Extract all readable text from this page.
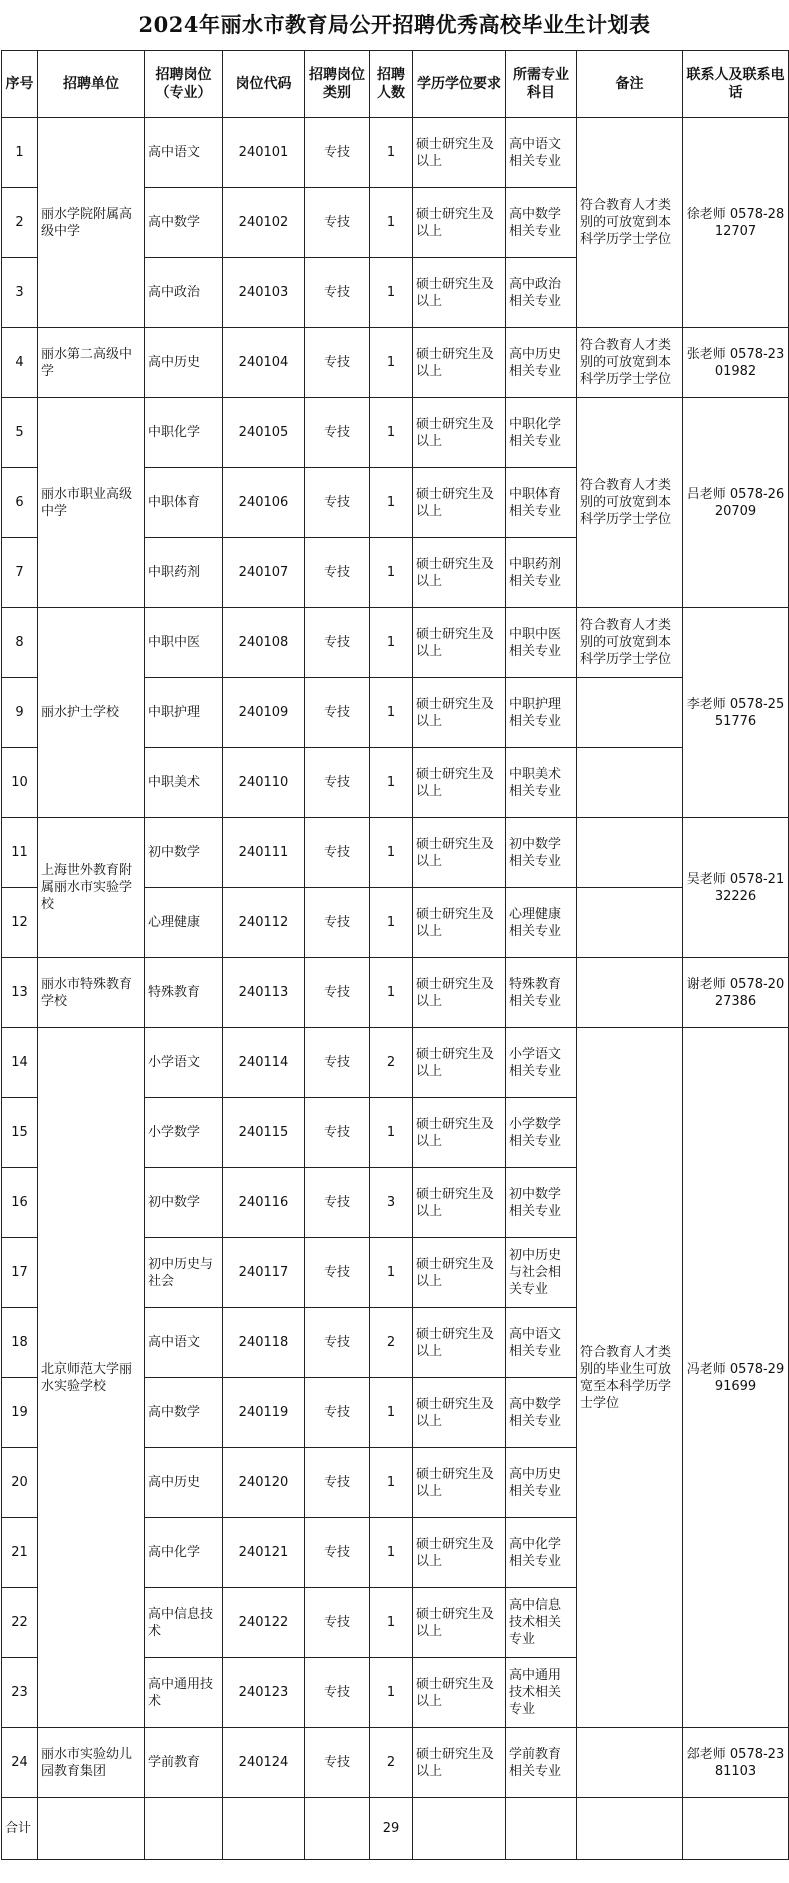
2024年丽水市教育局公开招聘优秀高校毕业生计划表
序号	招聘单位	招聘岗位（专业）	岗位代码	招聘岗位类别	招聘人数	学历学位要求	所需专业科目	备注	联系人及联系电话
1	丽水学院附属高级中学	高中语文	240101	专技	1	硕士研究生及以上	高中语文相关专业	符合教育人才类别的可放宽到本科学历学士学位	徐老师 0578-2812707
2		高中数学	240102	专技	1	硕士研究生及以上	高中数学相关专业		
3		高中政治	240103	专技	1	硕士研究生及以上	高中政治相关专业		
4	丽水第二高级中学	高中历史	240104	专技	1	硕士研究生及以上	高中历史相关专业	符合教育人才类别的可放宽到本科学历学士学位	张老师 0578-2301982
5	丽水市职业高级中学	中职化学	240105	专技	1	硕士研究生及以上	中职化学相关专业	符合教育人才类别的可放宽到本科学历学士学位	吕老师 0578-2620709
6		中职体育	240106	专技	1	硕士研究生及以上	中职体育相关专业		
7		中职药剂	240107	专技	1	硕士研究生及以上	中职药剂相关专业		
8	丽水护士学校	中职中医	240108	专技	1	硕士研究生及以上	中职中医相关专业	符合教育人才类别的可放宽到本科学历学士学位	李老师 0578-2551776
9		中职护理	240109	专技	1	硕士研究生及以上	中职护理相关专业		
10		中职美术	240110	专技	1	硕士研究生及以上	中职美术相关专业		
11	上海世外教育附属丽水市实验学校	初中数学	240111	专技	1	硕士研究生及以上	初中数学相关专业		吴老师 0578-2132226
12		心理健康	240112	专技	1	硕士研究生及以上	心理健康相关专业		
13	丽水市特殊教育学校	特殊教育	240113	专技	1	硕士研究生及以上	特殊教育相关专业		谢老师 0578-2027386
14	北京师范大学丽水实验学校	小学语文	240114	专技	2	硕士研究生及以上	小学语文相关专业	符合教育人才类别的毕业生可放宽至本科学历学士学位	冯老师 0578-2991699
15		小学数学	240115	专技	1	硕士研究生及以上	小学数学相关专业		
16		初中数学	240116	专技	3	硕士研究生及以上	初中数学相关专业		
17		初中历史与社会	240117	专技	1	硕士研究生及以上	初中历史与社会相关专业		
18		高中语文	240118	专技	2	硕士研究生及以上	高中语文相关专业		
19		高中数学	240119	专技	1	硕士研究生及以上	高中数学相关专业		
20		高中历史	240120	专技	1	硕士研究生及以上	高中历史相关专业		
21		高中化学	240121	专技	1	硕士研究生及以上	高中化学相关专业		
22		高中信息技术	240122	专技	1	硕士研究生及以上	高中信息技术相关专业		
23		高中通用技术	240123	专技	1	硕士研究生及以上	高中通用技术相关专业		
24	丽水市实验幼儿园教育集团	学前教育	240124	专技	2	硕士研究生及以上	学前教育相关专业		郐老师 0578-2381103
合计					29				
